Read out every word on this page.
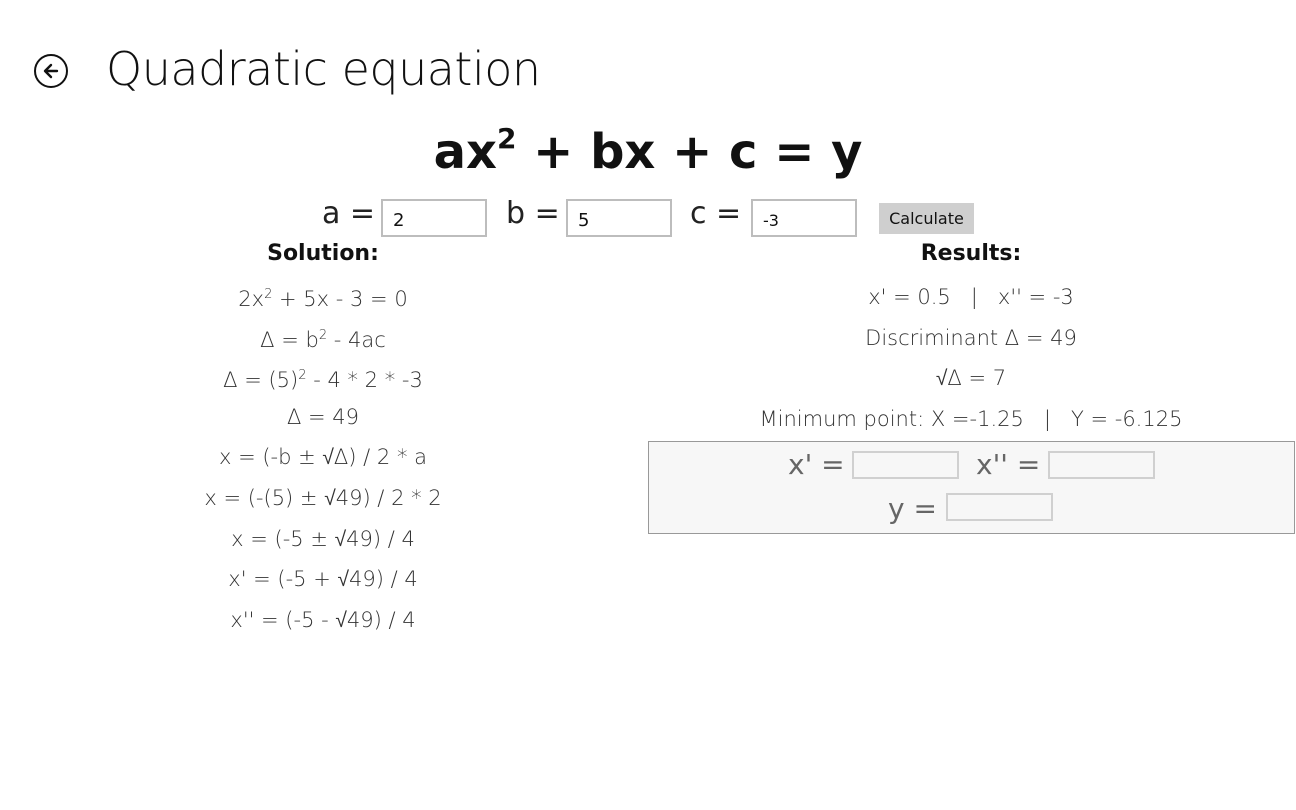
Quadratic equation
$ax^2$ + bx + c = y
a =
2	b =
5	c =
-3	Calculate
Solution:	Results:
$2x^2 + 5x - 3 = 0$
$\Delta = b^2 - 4ac$
$\Delta = (5)^2 - 4 * 2 * -3$
Δ = 49
x = (-b ± √Δ) / 2 * a
x = (-(5) ± √49) / 2 * 2
x = (-5 ± √49) / 4
x' = (-5 + √49) / 4
x'' = (-5 - √49) / 4
x' = 0.5   |   x'' = -3
Discriminant Δ = 49
√Δ = 7
Minimum point: X =-1.25   |   Y = -6.125
x' =	x'' =
y =
